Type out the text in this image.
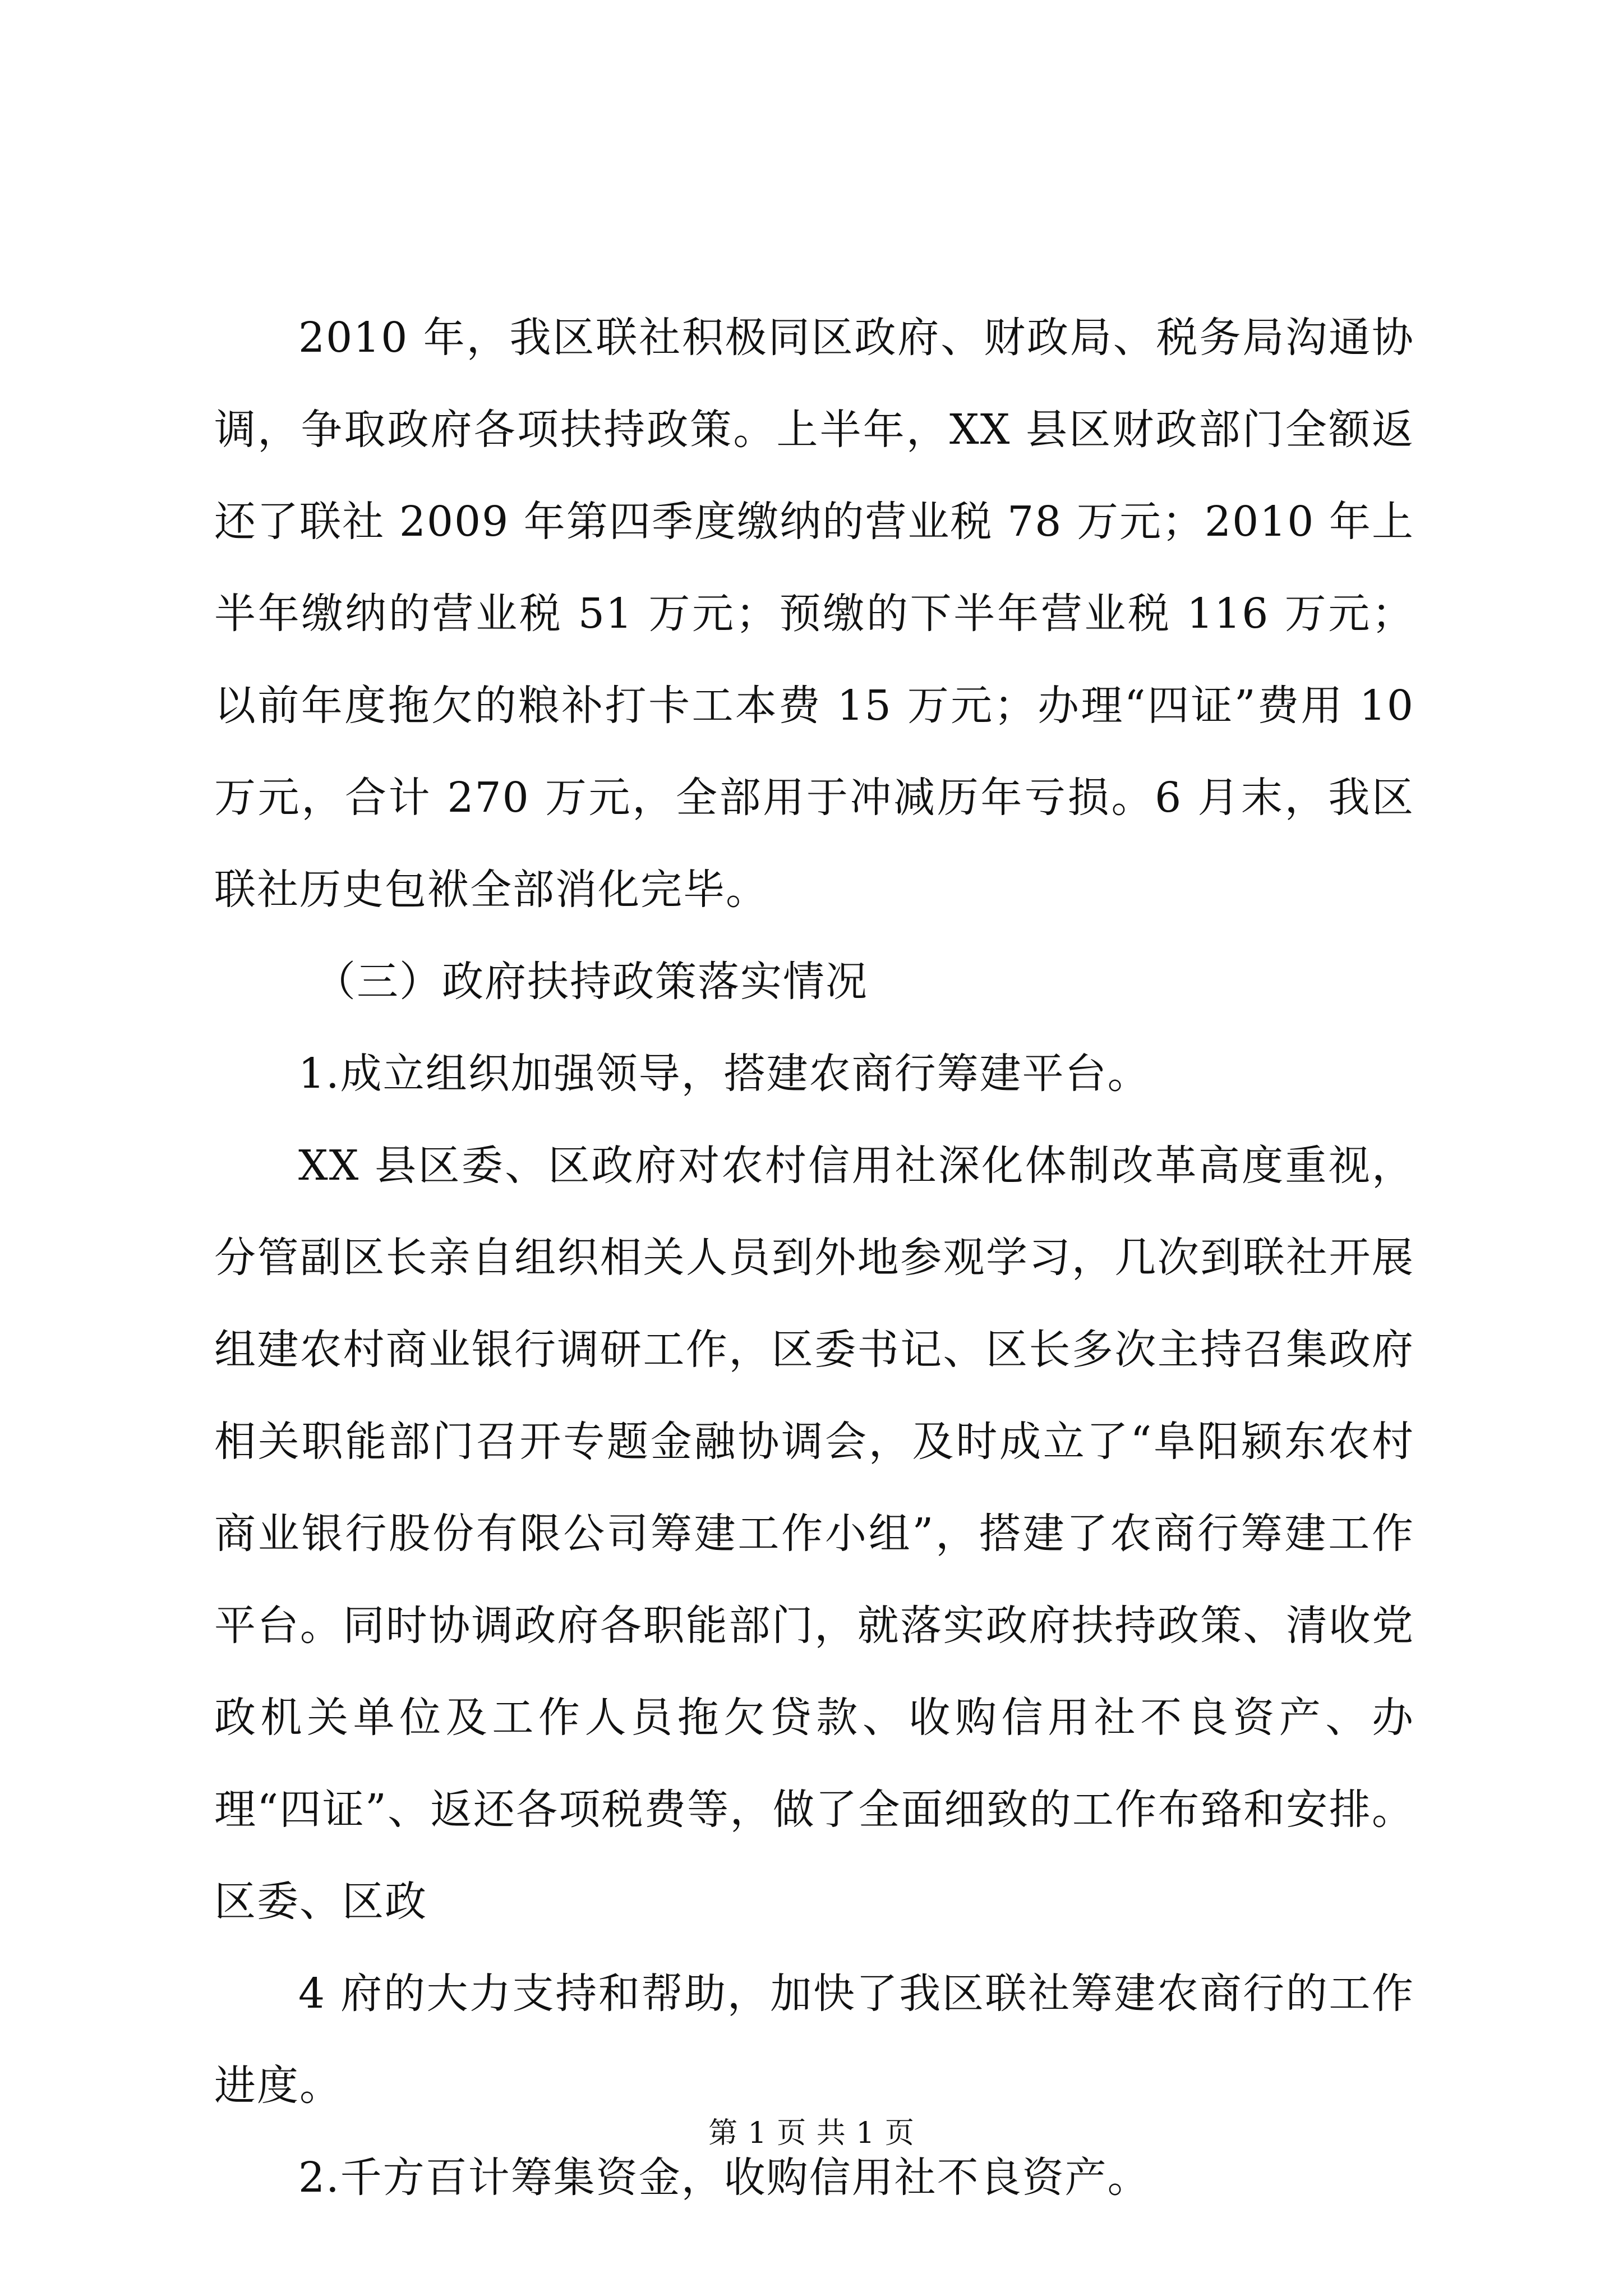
2010 年，我区联社积极同区政府、财政局、税务局沟通协调，争取政府各项扶持政策。上半年，XX 县区财政部门全额返还了联社 2009 年第四季度缴纳的营业税 78 万元；2010 年上半年缴纳的营业税 51 万元；预缴的下半年营业税 116 万元；以前年度拖欠的粮补打卡工本费 15 万元；办理“四证”费用 10 万元，合计 270 万元，全部用于冲减历年亏损。6 月末，我区联社历史包袱全部消化完毕。

（三）政府扶持政策落实情况

1.成立组织加强领导，搭建农商行筹建平台。

XX 县区委、区政府对农村信用社深化体制改革高度重视，分管副区长亲自组织相关人员到外地参观学习，几次到联社开展组建农村商业银行调研工作，区委书记、区长多次主持召集政府相关职能部门召开专题金融协调会，及时成立了“阜阳颍东农村商业银行股份有限公司筹建工作小组”，搭建了农商行筹建工作平台。同时协调政府各职能部门，就落实政府扶持政策、清收党政机关单位及工作人员拖欠贷款、收购信用社不良资产、办理“四证”、返还各项税费等，做了全面细致的工作布臵和安排。区委、区政

4 府的大力支持和帮助，加快了我区联社筹建农商行的工作进度。

2.千方百计筹集资金，收购信用社不良资产。

第 1 页 共 1 页
